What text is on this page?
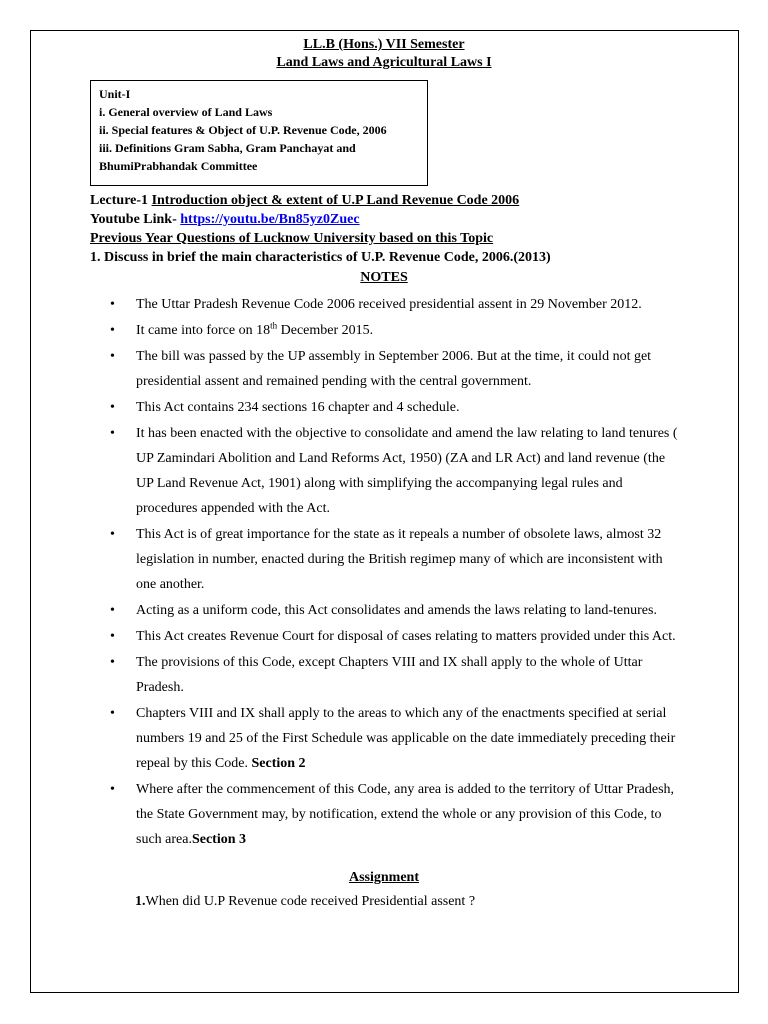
LL.B (Hons.) VII Semester
Land Laws and Agricultural Laws I
Unit-I
i. General overview of Land Laws
ii. Special features & Object of U.P. Revenue Code, 2006
iii. Definitions Gram Sabha, Gram Panchayat and
BhumiPrabhandak Committee
Lecture-1 Introduction object & extent of U.P Land Revenue Code 2006
Youtube Link- https://youtu.be/Bn85yz0Zuec
Previous Year Questions of Lucknow University based on this Topic
1. Discuss in brief the main characteristics of U.P. Revenue Code, 2006.(2013)
NOTES
• The Uttar Pradesh Revenue Code 2006 received presidential assent in 29 November 2012.
• It came into force on 18th December 2015.
• The bill was passed by the UP assembly in September 2006. But at the time, it could not get presidential assent and remained pending with the central government.
• This Act contains 234 sections 16 chapter and 4 schedule.
• It has been enacted with the objective to consolidate and amend the law relating to land tenures ( UP Zamindari Abolition and Land Reforms Act, 1950) (ZA and LR Act) and land revenue (the UP Land Revenue Act, 1901) along with simplifying the accompanying legal rules and procedures appended with the Act.
• This Act is of great importance for the state as it repeals a number of obsolete laws, almost 32 legislation in number, enacted during the British regimep many of which are inconsistent with one another.
• Acting as a uniform code, this Act consolidates and amends the laws relating to land-tenures.
• This Act creates Revenue Court for disposal of cases relating to matters provided under this Act.
• The provisions of this Code, except Chapters VIII and IX shall apply to the whole of Uttar Pradesh.
• Chapters VIII and IX shall apply to the areas to which any of the enactments specified at serial numbers 19 and 25 of the First Schedule was applicable on the date immediately preceding their repeal by this Code. Section 2
• Where after the commencement of this Code, any area is added to the territory of Uttar Pradesh, the State Government may, by notification, extend the whole or any provision of this Code, to such area.Section 3
Assignment
1.When did U.P Revenue code received Presidential assent ?
